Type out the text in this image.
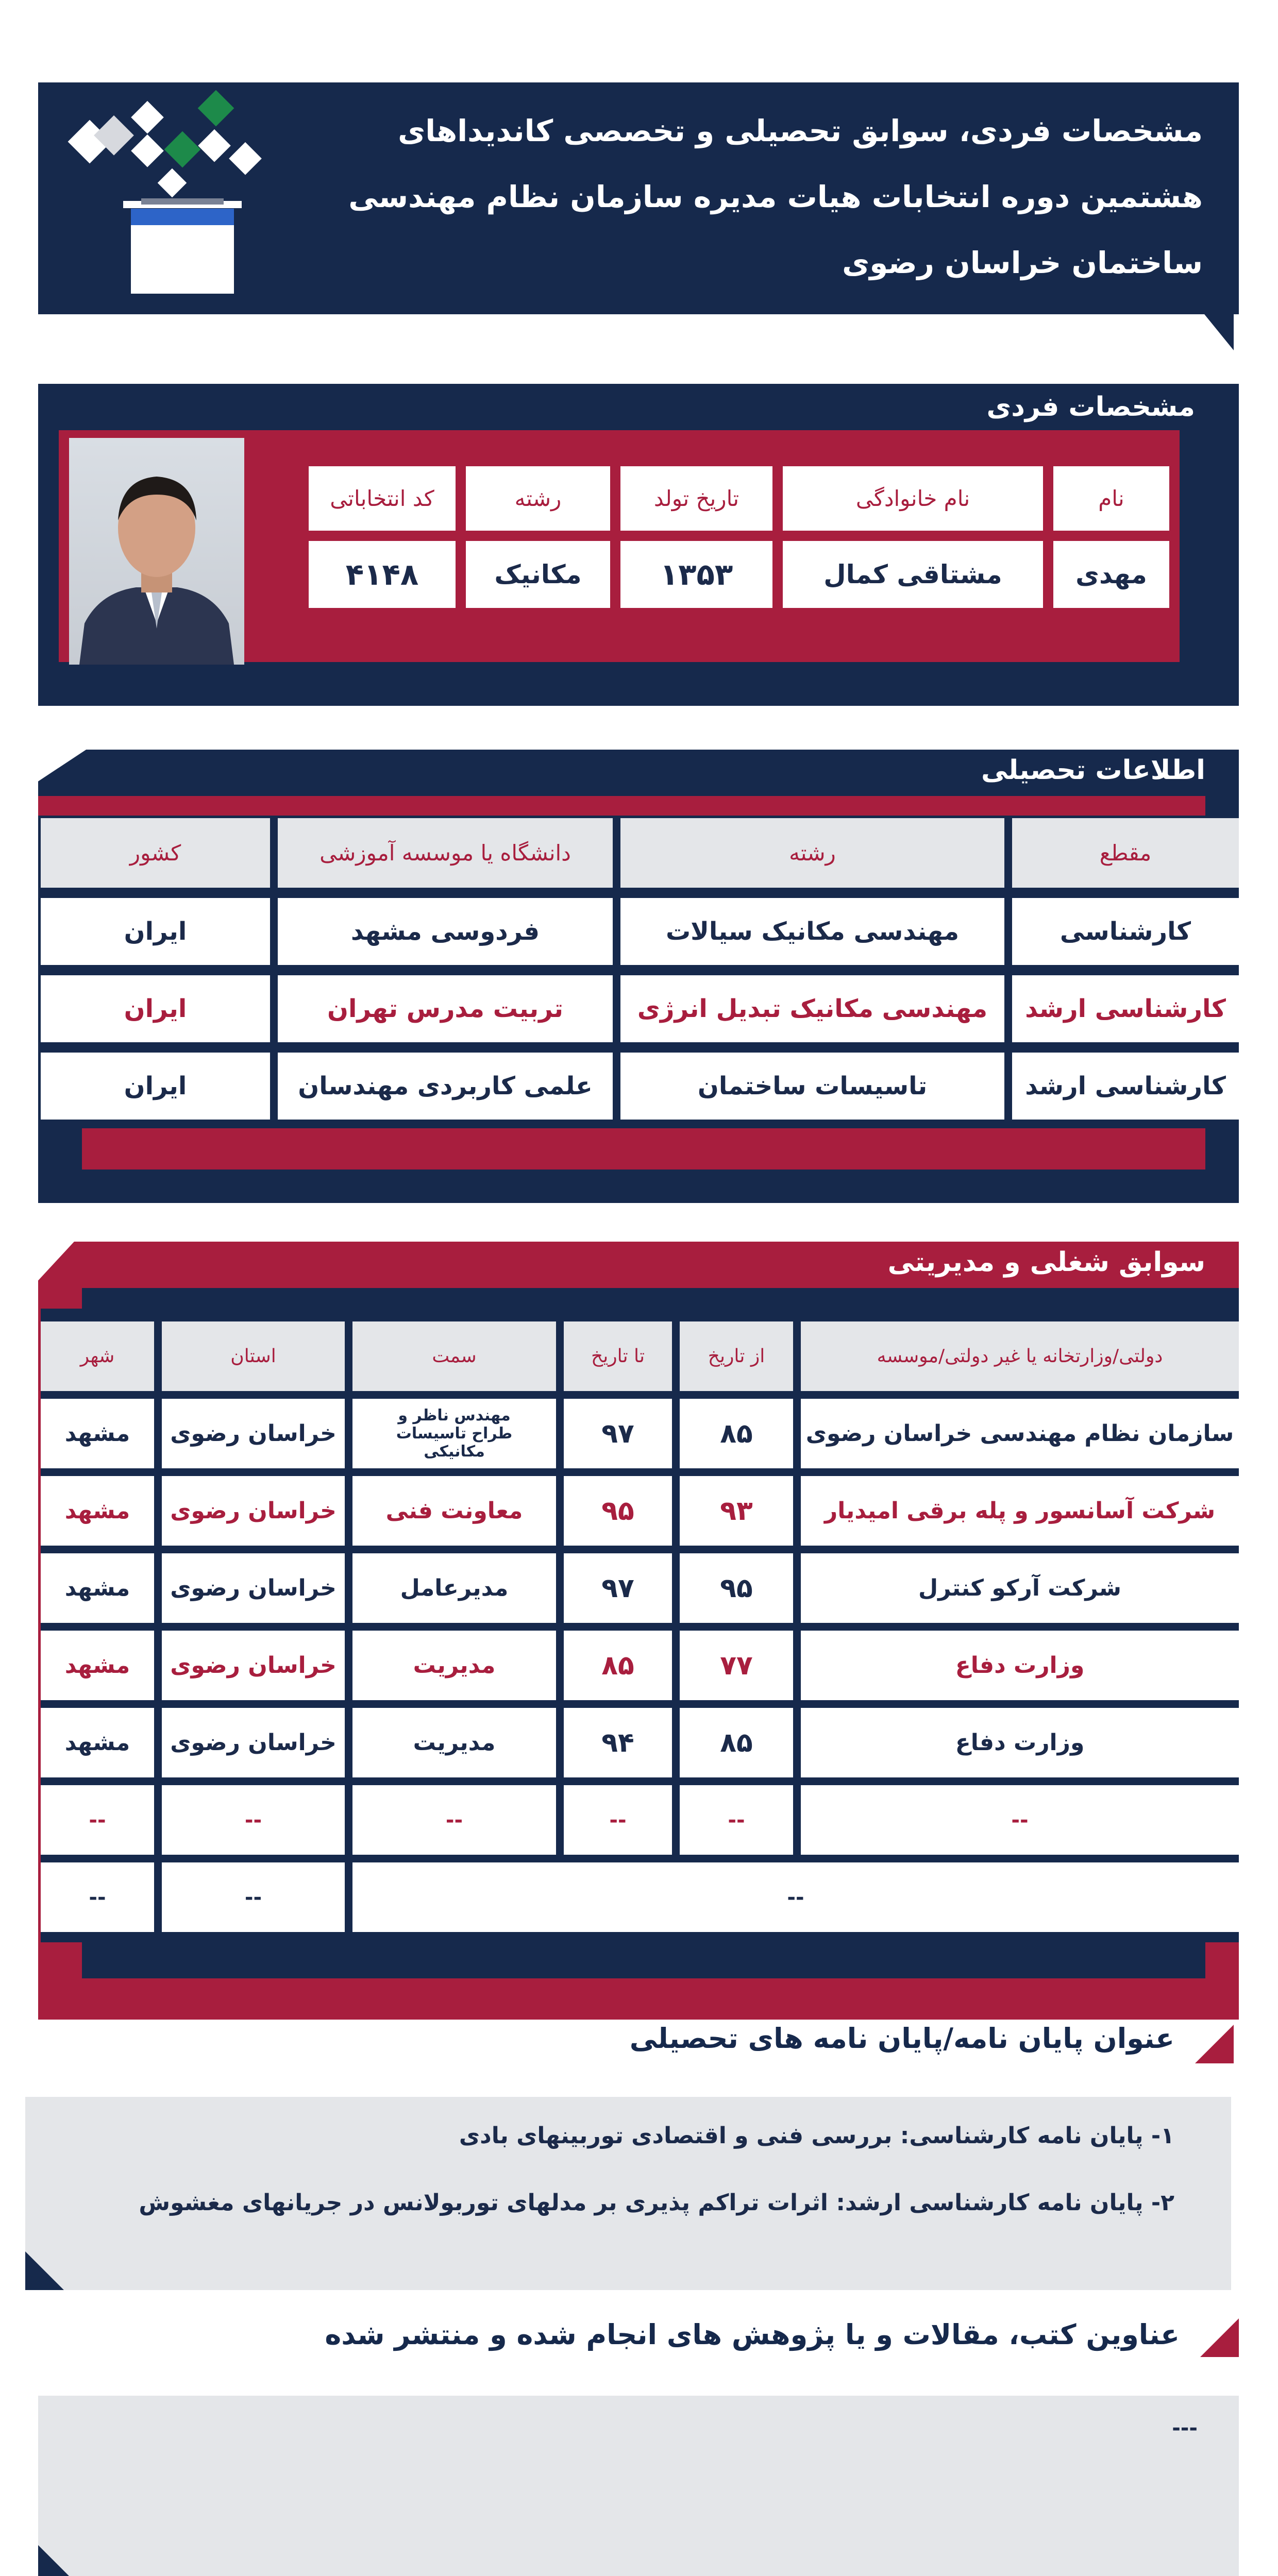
مشخصات فردی، سوابق تحصیلی و تخصصی کاندیداهای
هشتمین دوره انتخابات هیات مدیره سازمان نظام مهندسی
ساختمان خراسان رضوی
مشخصات فردی
نام
نام خانوادگی
تاریخ تولد
رشته
کد انتخاباتی
مهدی
مشتاقی کمال
۱۳۵۳
مکانیک
۴۱۴۸
اطلاعات تحصیلی
مقطع
رشته
دانشگاه یا موسسه آموزشی
کشور
کارشناسی
مهندسی مکانیک سیالات
فردوسی مشهد
ایران
کارشناسی ارشد
مهندسی مکانیک تبدیل انرژی
تربیت مدرس تهران
ایران
کارشناسی ارشد
تاسیسات ساختمان
علمی کاربردی مهندسان
ایران
سوابق شغلی و مدیریتی
دولتی/وزارتخانه یا غیر دولتی/موسسه
از تاریخ
تا تاریخ
سمت
استان
شهر
سازمان نظام مهندسی خراسان رضوی
۸۵
۹۷
مهندس ناظر و طراح تاسیسات مکانیکی
خراسان رضوی
مشهد
شرکت آسانسور و پله برقی امیدیار
۹۳
۹۵
معاونت فنی
خراسان رضوی
مشهد
شرکت آرکو کنترل
۹۵
۹۷
مدیرعامل
خراسان رضوی
مشهد
وزارت دفاع
۷۷
۸۵
مدیریت
خراسان رضوی
مشهد
وزارت دفاع
۸۵
۹۴
مدیریت
خراسان رضوی
مشهد
--
--
--
--
--
--
--
--
--
عنوان پایان نامه/پایان نامه های تحصیلی
۱- پایان نامه کارشناسی: بررسی فنی و اقتصادی توربینهای بادی
۲- پایان نامه کارشناسی ارشد: اثرات تراکم پذیری بر مدلهای توربولانس در جریانهای مغشوش
عناوین کتب، مقالات و یا پژوهش های انجام شده و منتشر شده
---
